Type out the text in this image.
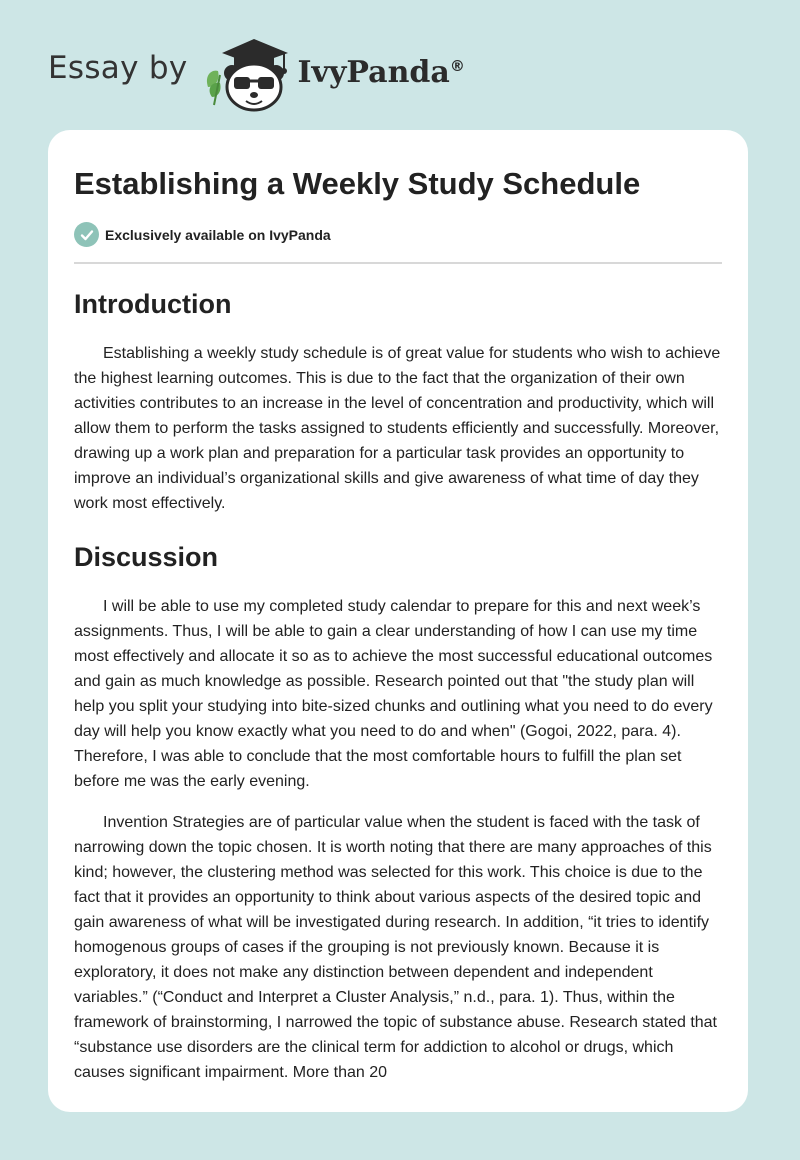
Essay by	IvyPanda®
Establishing a Weekly Study Schedule
Exclusively available on IvyPanda
Introduction

Establishing a weekly study schedule is of great value for students who wish to achieve the highest learning outcomes. This is due to the fact that the organization of their own activities contributes to an increase in the level of concentration and productivity, which will allow them to perform the tasks assigned to students efficiently and successfully. Moreover, drawing up a work plan and preparation for a particular task provides an opportunity to improve an individual’s organizational skills and give awareness of what time of day they work most effectively.

Discussion

I will be able to use my completed study calendar to prepare for this and next week’s assignments. Thus, I will be able to gain a clear understanding of how I can use my time most effectively and allocate it so as to achieve the most successful educational outcomes and gain as much knowledge as possible. Research pointed out that "the study plan will help you split your studying into bite-sized chunks and outlining what you need to do every day will help you know exactly what you need to do and when" (Gogoi, 2022, para. 4). Therefore, I was able to conclude that the most comfortable hours to fulfill the plan set before me was the early evening.

Invention Strategies are of particular value when the student is faced with the task of narrowing down the topic chosen. It is worth noting that there are many approaches of this kind; however, the clustering method was selected for this work. This choice is due to the fact that it provides an opportunity to think about various aspects of the desired topic and gain awareness of what will be investigated during research. In addition, “it tries to identify homogenous groups of cases if the grouping is not previously known. Because it is exploratory, it does not make any distinction between dependent and independent variables.” (“Conduct and Interpret a Cluster Analysis,” n.d., para. 1). Thus, within the framework of brainstorming, I narrowed the topic of substance abuse. Research stated that “substance use disorders are the clinical term for addiction to alcohol or drugs, which causes significant impairment. More than 20
